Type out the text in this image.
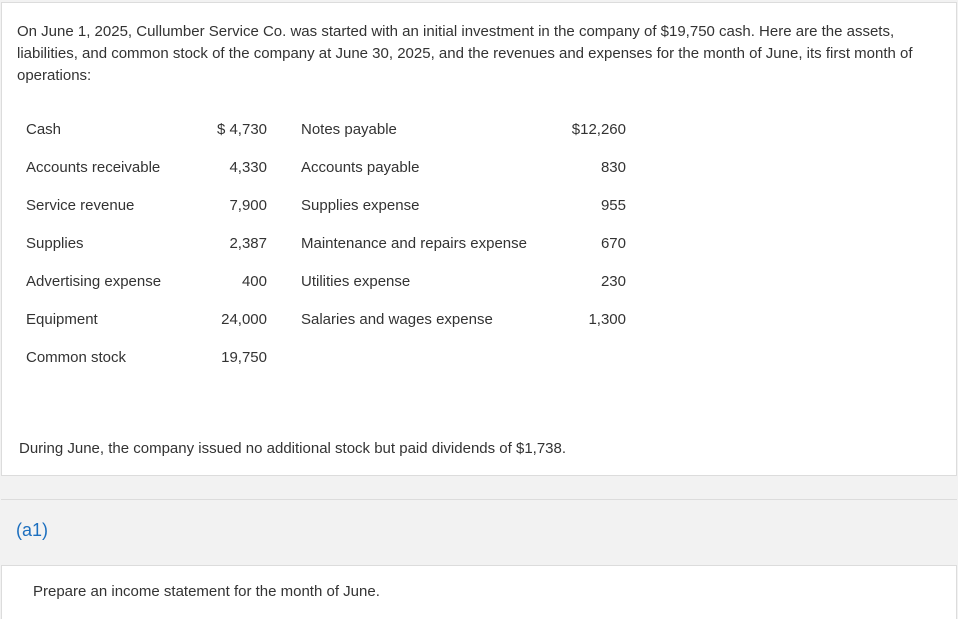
On June 1, 2025, Cullumber Service Co. was started with an initial investment in the company of $19,750 cash. Here are the assets, liabilities, and common stock of the company at June 30, 2025, and the revenues and expenses for the month of June, its first month of operations:

Cash	$ 4,730		Notes payable	$12,260
Accounts receivable	4,330		Accounts payable	830
Service revenue	7,900		Supplies expense	955
Supplies	2,387		Maintenance and repairs expense	670
Advertising expense	400		Utilities expense	230
Equipment	24,000		Salaries and wages expense	1,300
Common stock	19,750			

During June, the company issued no additional stock but paid dividends of $1,738.

(a1)

Prepare an income statement for the month of June.
